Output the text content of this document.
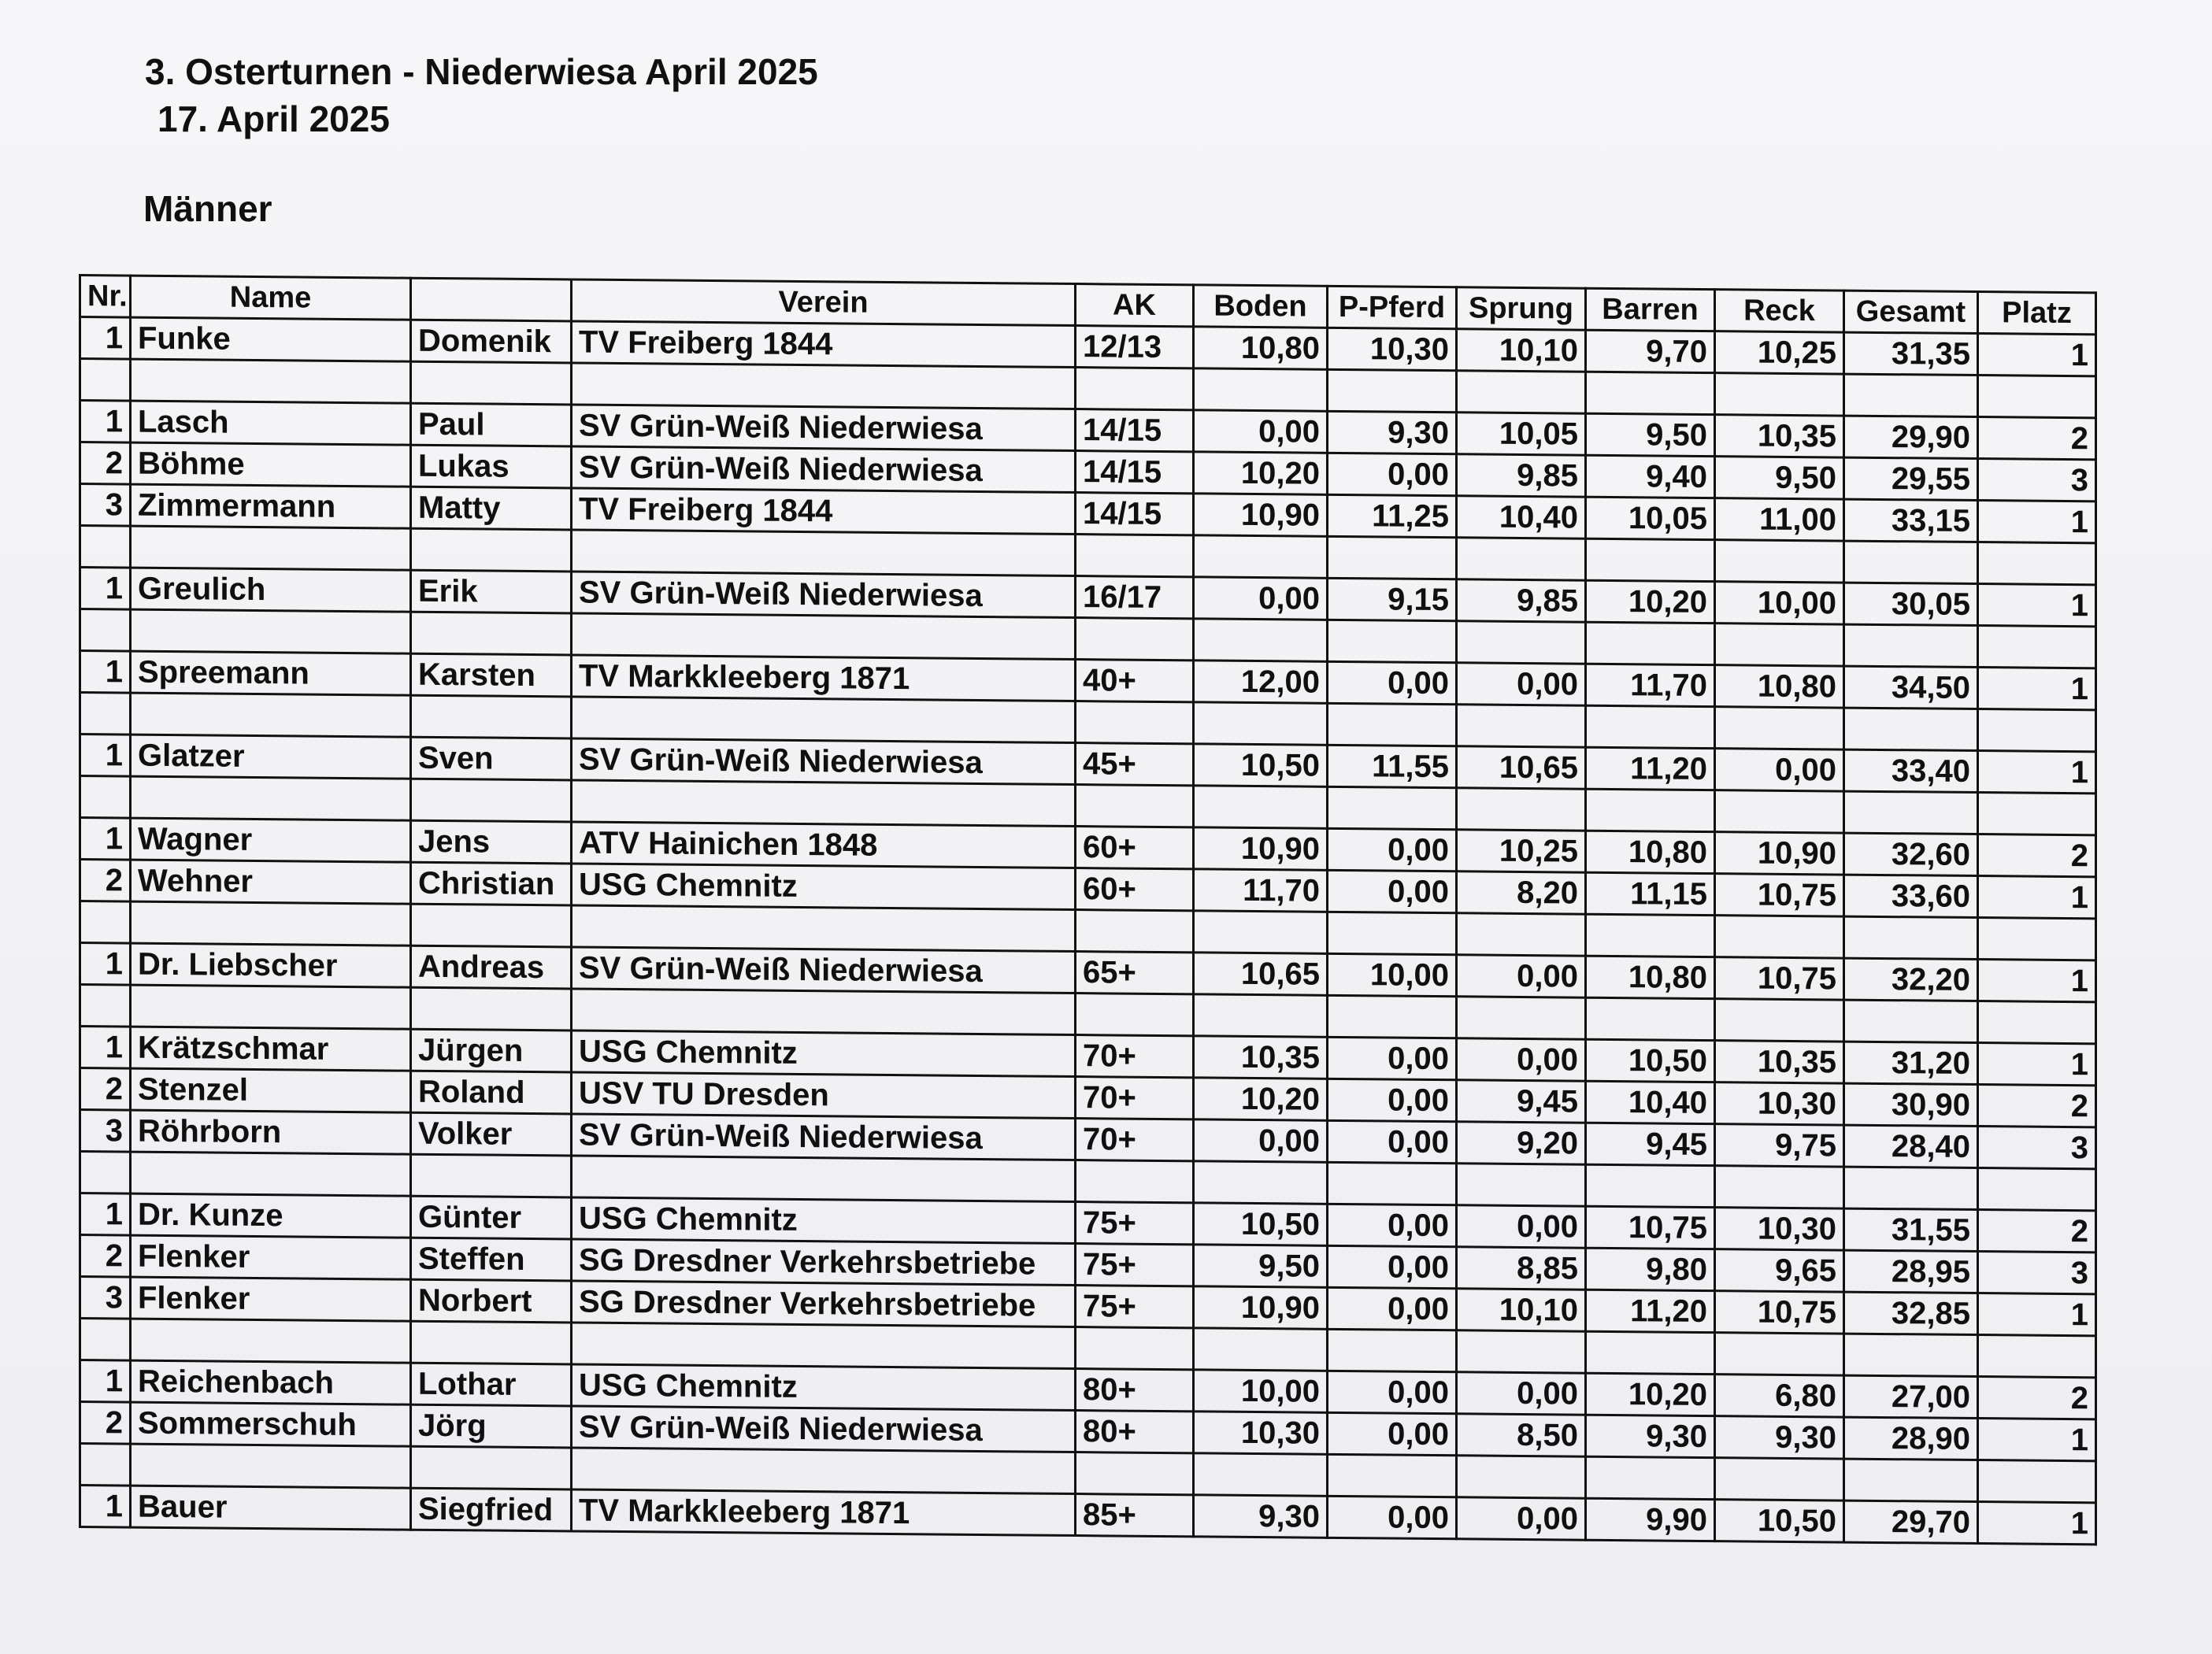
3. Osterturnen - Niederwiesa April 2025
17. April 2025
Männer
Nr.	Name		Verein	AK	Boden	P-Pferd	Sprung	Barren	Reck	Gesamt	Platz
1	Funke	Domenik	TV Freiberg 1844	12/13	10,80	10,30	10,10	9,70	10,25	31,35	1

1	Lasch	Paul	SV Grün-Weiß Niederwiesa	14/15	0,00	9,30	10,05	9,50	10,35	29,90	2
2	Böhme	Lukas	SV Grün-Weiß Niederwiesa	14/15	10,20	0,00	9,85	9,40	9,50	29,55	3
3	Zimmermann	Matty	TV Freiberg 1844	14/15	10,90	11,25	10,40	10,05	11,00	33,15	1

1	Greulich	Erik	SV Grün-Weiß Niederwiesa	16/17	0,00	9,15	9,85	10,20	10,00	30,05	1

1	Spreemann	Karsten	TV Markkleeberg 1871	40+	12,00	0,00	0,00	11,70	10,80	34,50	1

1	Glatzer	Sven	SV Grün-Weiß Niederwiesa	45+	10,50	11,55	10,65	11,20	0,00	33,40	1

1	Wagner	Jens	ATV Hainichen 1848	60+	10,90	0,00	10,25	10,80	10,90	32,60	2
2	Wehner	Christian	USG Chemnitz	60+	11,70	0,00	8,20	11,15	10,75	33,60	1

1	Dr. Liebscher	Andreas	SV Grün-Weiß Niederwiesa	65+	10,65	10,00	0,00	10,80	10,75	32,20	1

1	Krätzschmar	Jürgen	USG Chemnitz	70+	10,35	0,00	0,00	10,50	10,35	31,20	1
2	Stenzel	Roland	USV TU Dresden	70+	10,20	0,00	9,45	10,40	10,30	30,90	2
3	Röhrborn	Volker	SV Grün-Weiß Niederwiesa	70+	0,00	0,00	9,20	9,45	9,75	28,40	3

1	Dr. Kunze	Günter	USG Chemnitz	75+	10,50	0,00	0,00	10,75	10,30	31,55	2
2	Flenker	Steffen	SG Dresdner Verkehrsbetriebe	75+	9,50	0,00	8,85	9,80	9,65	28,95	3
3	Flenker	Norbert	SG Dresdner Verkehrsbetriebe	75+	10,90	0,00	10,10	11,20	10,75	32,85	1

1	Reichenbach	Lothar	USG Chemnitz	80+	10,00	0,00	0,00	10,20	6,80	27,00	2
2	Sommerschuh	Jörg	SV Grün-Weiß Niederwiesa	80+	10,30	0,00	8,50	9,30	9,30	28,90	1

1	Bauer	Siegfried	TV Markkleeberg 1871	85+	9,30	0,00	0,00	9,90	10,50	29,70	1
